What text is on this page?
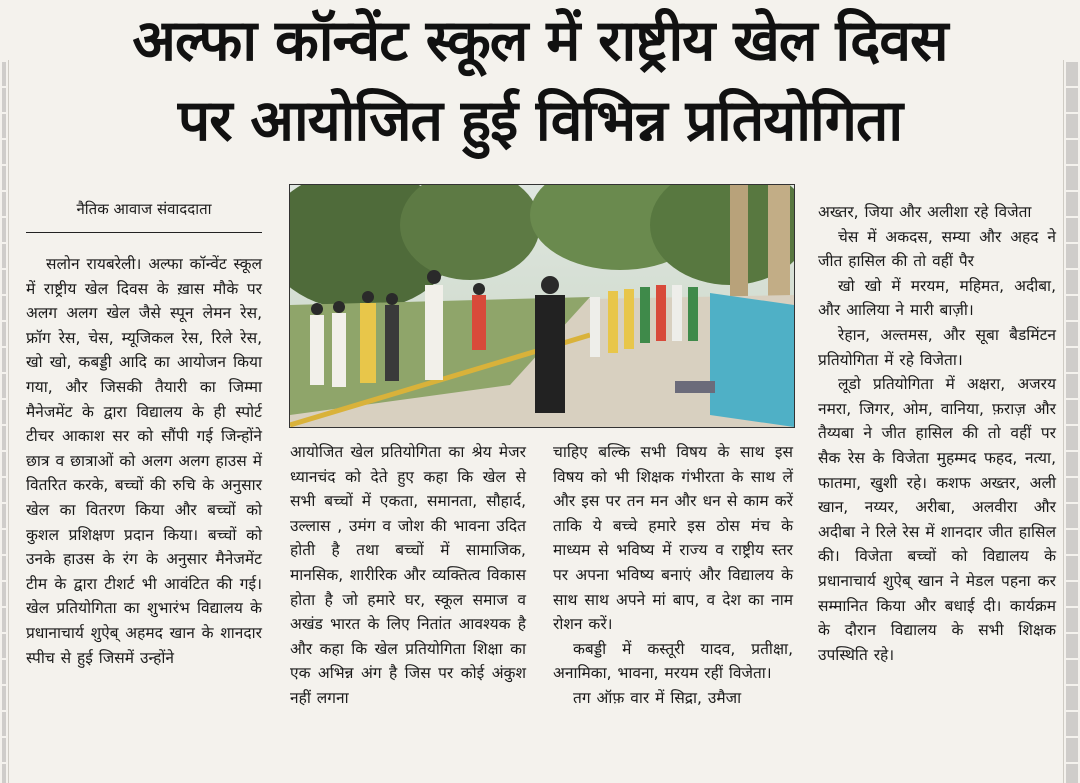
अल्फा कॉन्वेंट स्कूल में राष्ट्रीय खेल दिवस
पर आयोजित हुई विभिन्न प्रतियोगिता
नैतिक आवाज संवाददाता

सलोन रायबरेली। अल्फा कॉन्वेंट स्कूल में राष्ट्रीय खेल दिवस के ख़ास मौके पर अलग अलग खेल जैसे स्पून लेमन रेस, फ्रॉग रेस, चेस, म्यूजिकल रेस, रिले रेस, खो खो, कबड्डी आदि का आयोजन किया गया, और जिसकी तैयारी का जिम्मा मैनेजमेंट के द्वारा विद्यालय के ही स्पोर्ट टीचर आकाश सर को सौंपी गई जिन्होंने छात्र व छात्राओं को अलग अलग हाउस में वितरित करके, बच्चों की रुचि के अनुसार खेल का वितरण किया और बच्चों को कुशल प्रशिक्षण प्रदान किया। बच्चों को उनके हाउस के रंग के अनुसार मैनेजमेंट टीम के द्वारा टीशर्ट भी आवंटित की गई। खेल प्रतियोगिता का शुभारंभ विद्यालय के प्रधानाचार्य शुऐब् अहमद खान के शानदार स्पीच से हुई जिसमें उन्होंने

आयोजित खेल प्रतियोगिता का श्रेय मेजर ध्यानचंद को देते हुए कहा कि खेल से सभी बच्चों में एकता, समानता, सौहार्द, उल्लास , उमंग व जोश की भावना उदित होती है तथा बच्चों में सामाजिक, मानसिक, शारीरिक और व्यक्तित्व विकास होता है जो हमारे घर, स्कूल समाज व अखंड भारत के लिए नितांत आवश्यक है और कहा कि खेल प्रतियोगिता शिक्षा का एक अभिन्न अंग है जिस पर कोई अंकुश नहीं लगना

चाहिए बल्कि सभी विषय के साथ इस विषय को भी शिक्षक गंभीरता के साथ लें और इस पर तन मन और धन से काम करें ताकि ये बच्चे हमारे इस ठोस मंच के माध्यम से भविष्य में राज्य व राष्ट्रीय स्तर पर अपना भविष्य बनाएं और विद्यालय के साथ साथ अपने मां बाप, व देश का नाम रोशन करें।

कबड्डी में कस्तूरी यादव, प्रतीक्षा, अनामिका, भावना, मरयम रहीं विजेता।

तग ऑफ़ वार में सिद्रा, उमैजा

अख्तर, जिया और अलीशा रहे विजेता

चेस में अकदस, सम्या और अहद ने जीत हासिल की तो वहीं पैर

खो खो में मरयम, महिमत, अदीबा, और आलिया ने मारी बाज़ी।

रेहान, अल्तमस, और सूबा बैडमिंटन प्रतियोगिता में रहे विजेता।

लूडो प्रतियोगिता में अक्षरा, अजरय नमरा, जिगर, ओम, वानिया, फ़राज़ और तैय्यबा ने जीत हासिल की तो वहीं पर सैक रेस के विजेता मुहम्मद फहद, नत्या, फातमा, खुशी रहे। कशफ अख्तर, अली खान, नय्यर, अरीबा, अलवीरा और अदीबा ने रिले रेस में शानदार जीत हासिल की। विजेता बच्चों को विद्यालय के प्रधानाचार्य शुऐब् खान ने मेडल पहना कर सम्मानित किया और बधाई दी। कार्यक्रम के दौरान विद्यालय के सभी शिक्षक उपस्थिति रहे।
